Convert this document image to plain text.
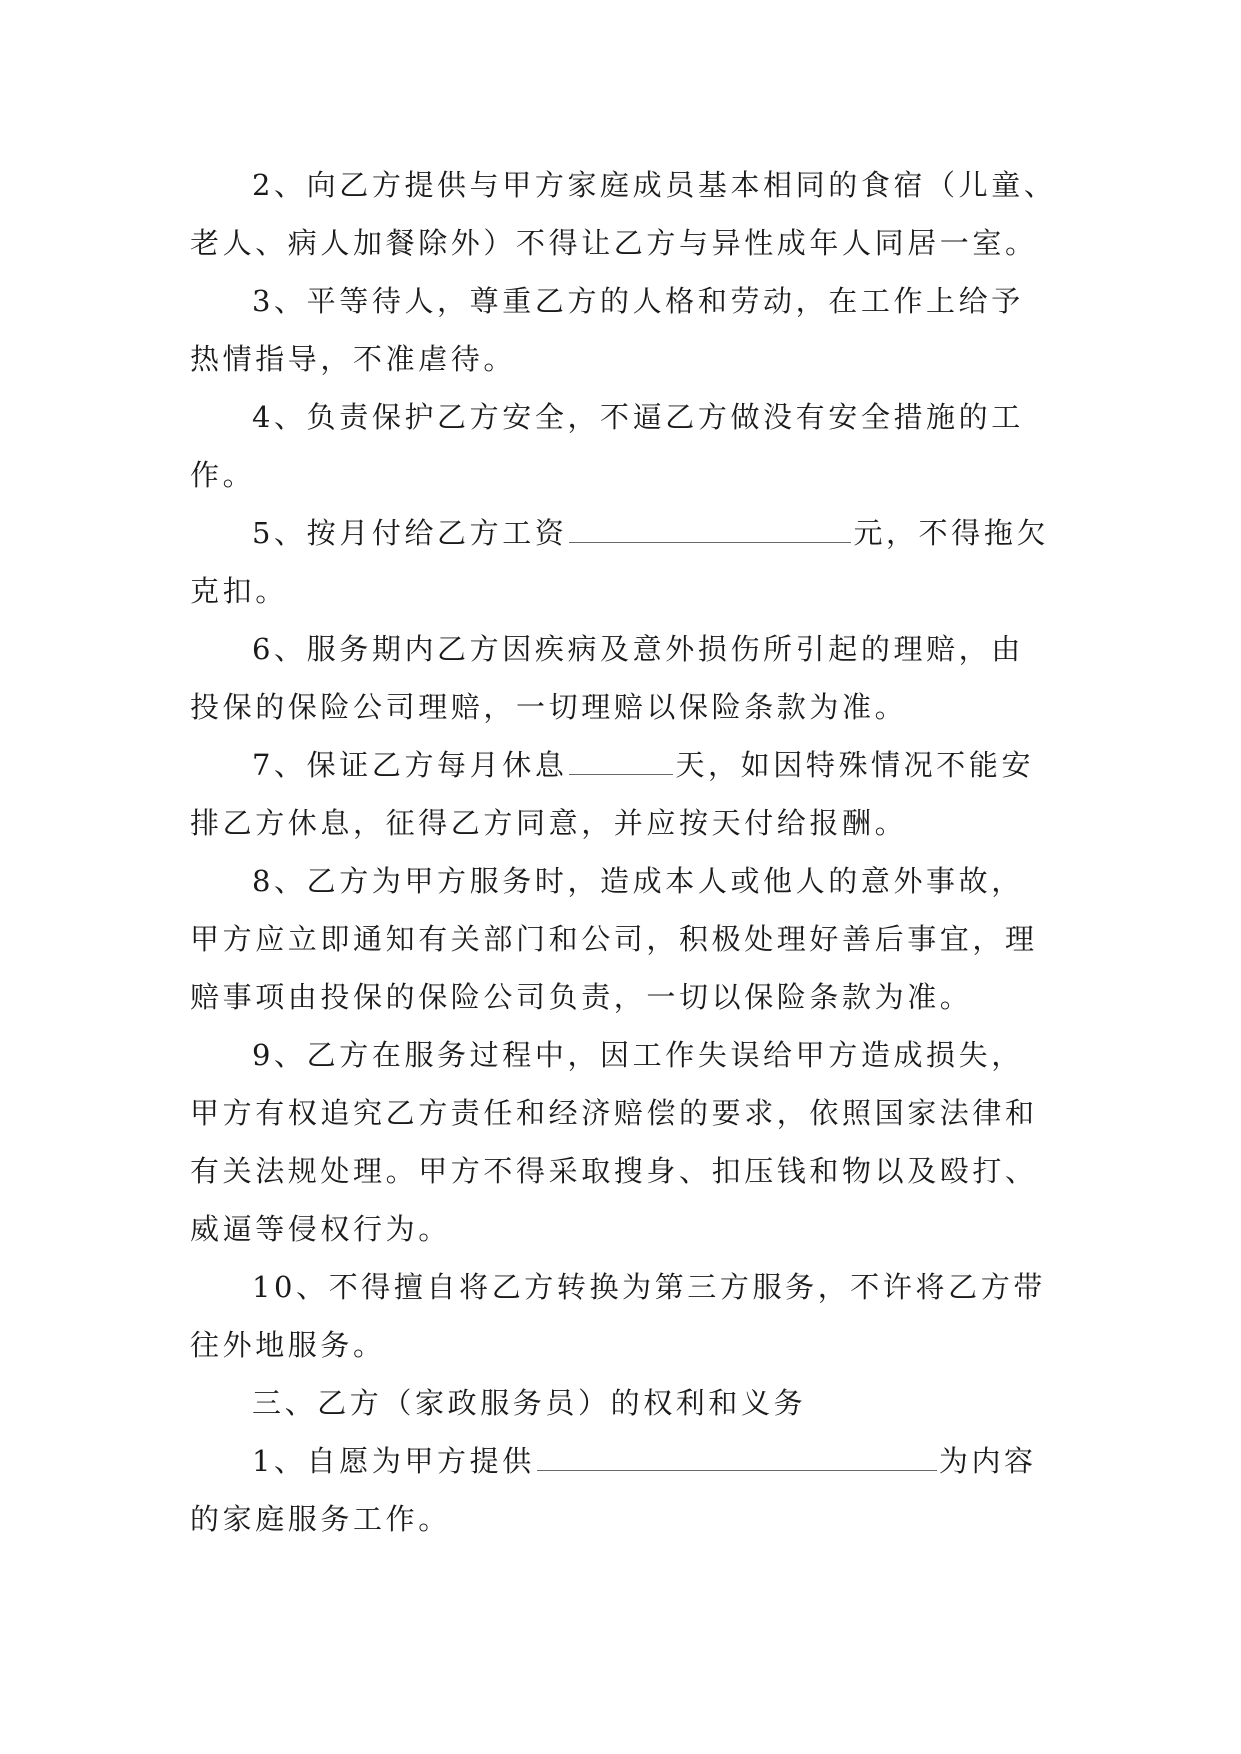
2、向乙方提供与甲方家庭成员基本相同的食宿（儿童、
老人、病人加餐除外）不得让乙方与异性成年人同居一室。
3、平等待人，尊重乙方的人格和劳动，在工作上给予
热情指导，不准虐待。
4、负责保护乙方安全，不逼乙方做没有安全措施的工
作。
5、按月付给乙方工资	元，不得拖欠
克扣。
6、服务期内乙方因疾病及意外损伤所引起的理赔，由
投保的保险公司理赔，一切理赔以保险条款为准。
7、保证乙方每月休息	天，如因特殊情况不能安
排乙方休息，征得乙方同意，并应按天付给报酬。
8、乙方为甲方服务时，造成本人或他人的意外事故，
甲方应立即通知有关部门和公司，积极处理好善后事宜，理
赔事项由投保的保险公司负责，一切以保险条款为准。
9、乙方在服务过程中，因工作失误给甲方造成损失，
甲方有权追究乙方责任和经济赔偿的要求，依照国家法律和
有关法规处理。甲方不得采取搜身、扣压钱和物以及殴打、
威逼等侵权行为。
10、不得擅自将乙方转换为第三方服务，不许将乙方带
往外地服务。
三、乙方（家政服务员）的权利和义务
1、自愿为甲方提供	为内容
的家庭服务工作。
